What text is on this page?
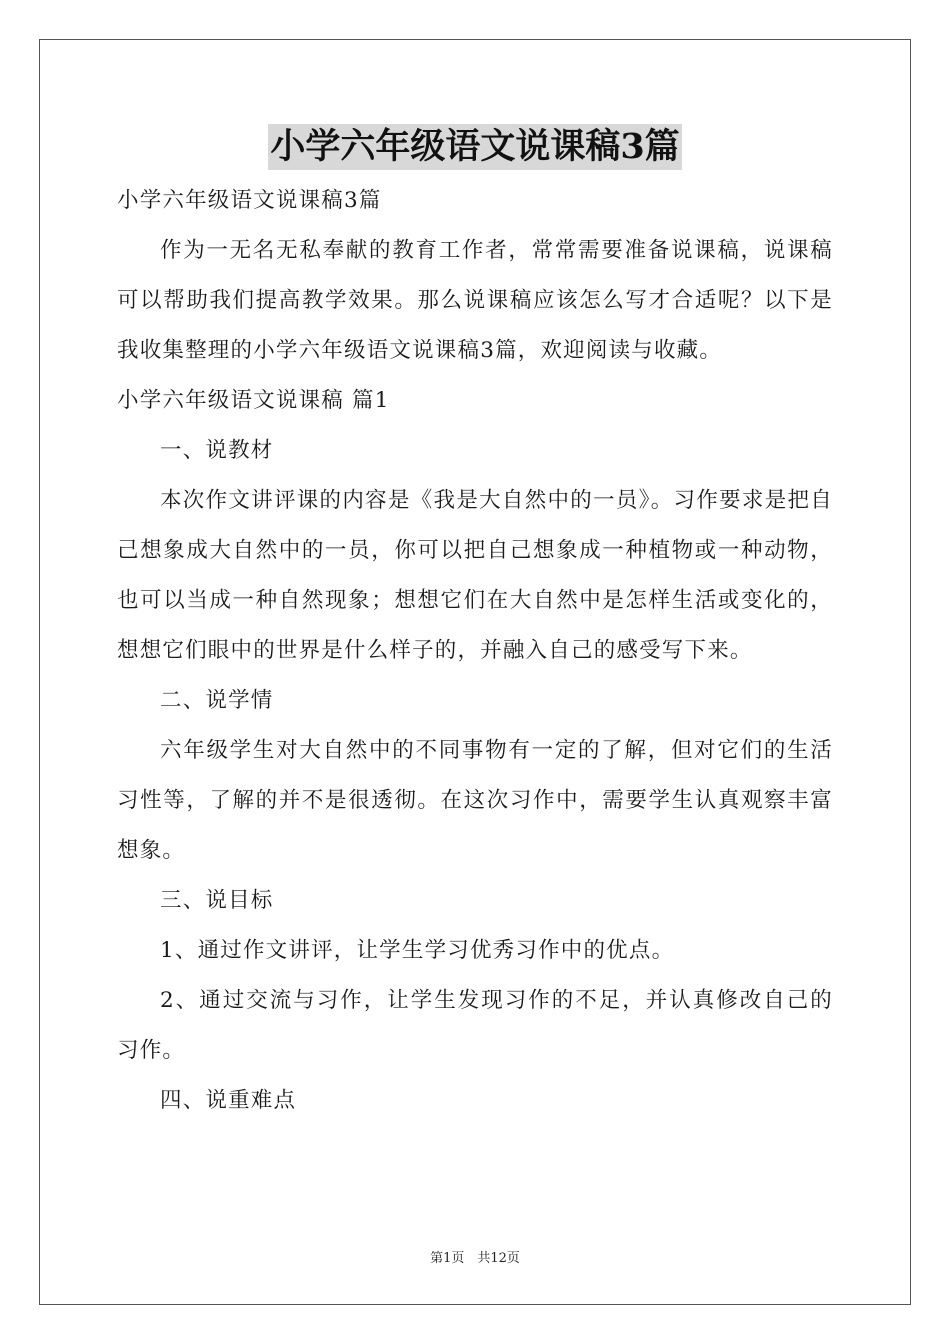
小学六年级语文说课稿3篇

小学六年级语文说课稿3篇

作为一无名无私奉献的教育工作者，常常需要准备说课稿，说课稿可以帮助我们提高教学效果。那么说课稿应该怎么写才合适呢？以下是我收集整理的小学六年级语文说课稿3篇，欢迎阅读与收藏。

小学六年级语文说课稿 篇1

一、说教材

本次作文讲评课的内容是《我是大自然中的一员》。习作要求是把自己想象成大自然中的一员，你可以把自己想象成一种植物或一种动物，也可以当成一种自然现象；想想它们在大自然中是怎样生活或变化的，想想它们眼中的世界是什么样子的，并融入自己的感受写下来。

二、说学情

六年级学生对大自然中的不同事物有一定的了解，但对它们的生活习性等，了解的并不是很透彻。在这次习作中，需要学生认真观察丰富想象。

三、说目标

1、通过作文讲评，让学生学习优秀习作中的优点。

2、通过交流与习作，让学生发现习作的不足，并认真修改自己的习作。

四、说重难点

第1页　共12页
